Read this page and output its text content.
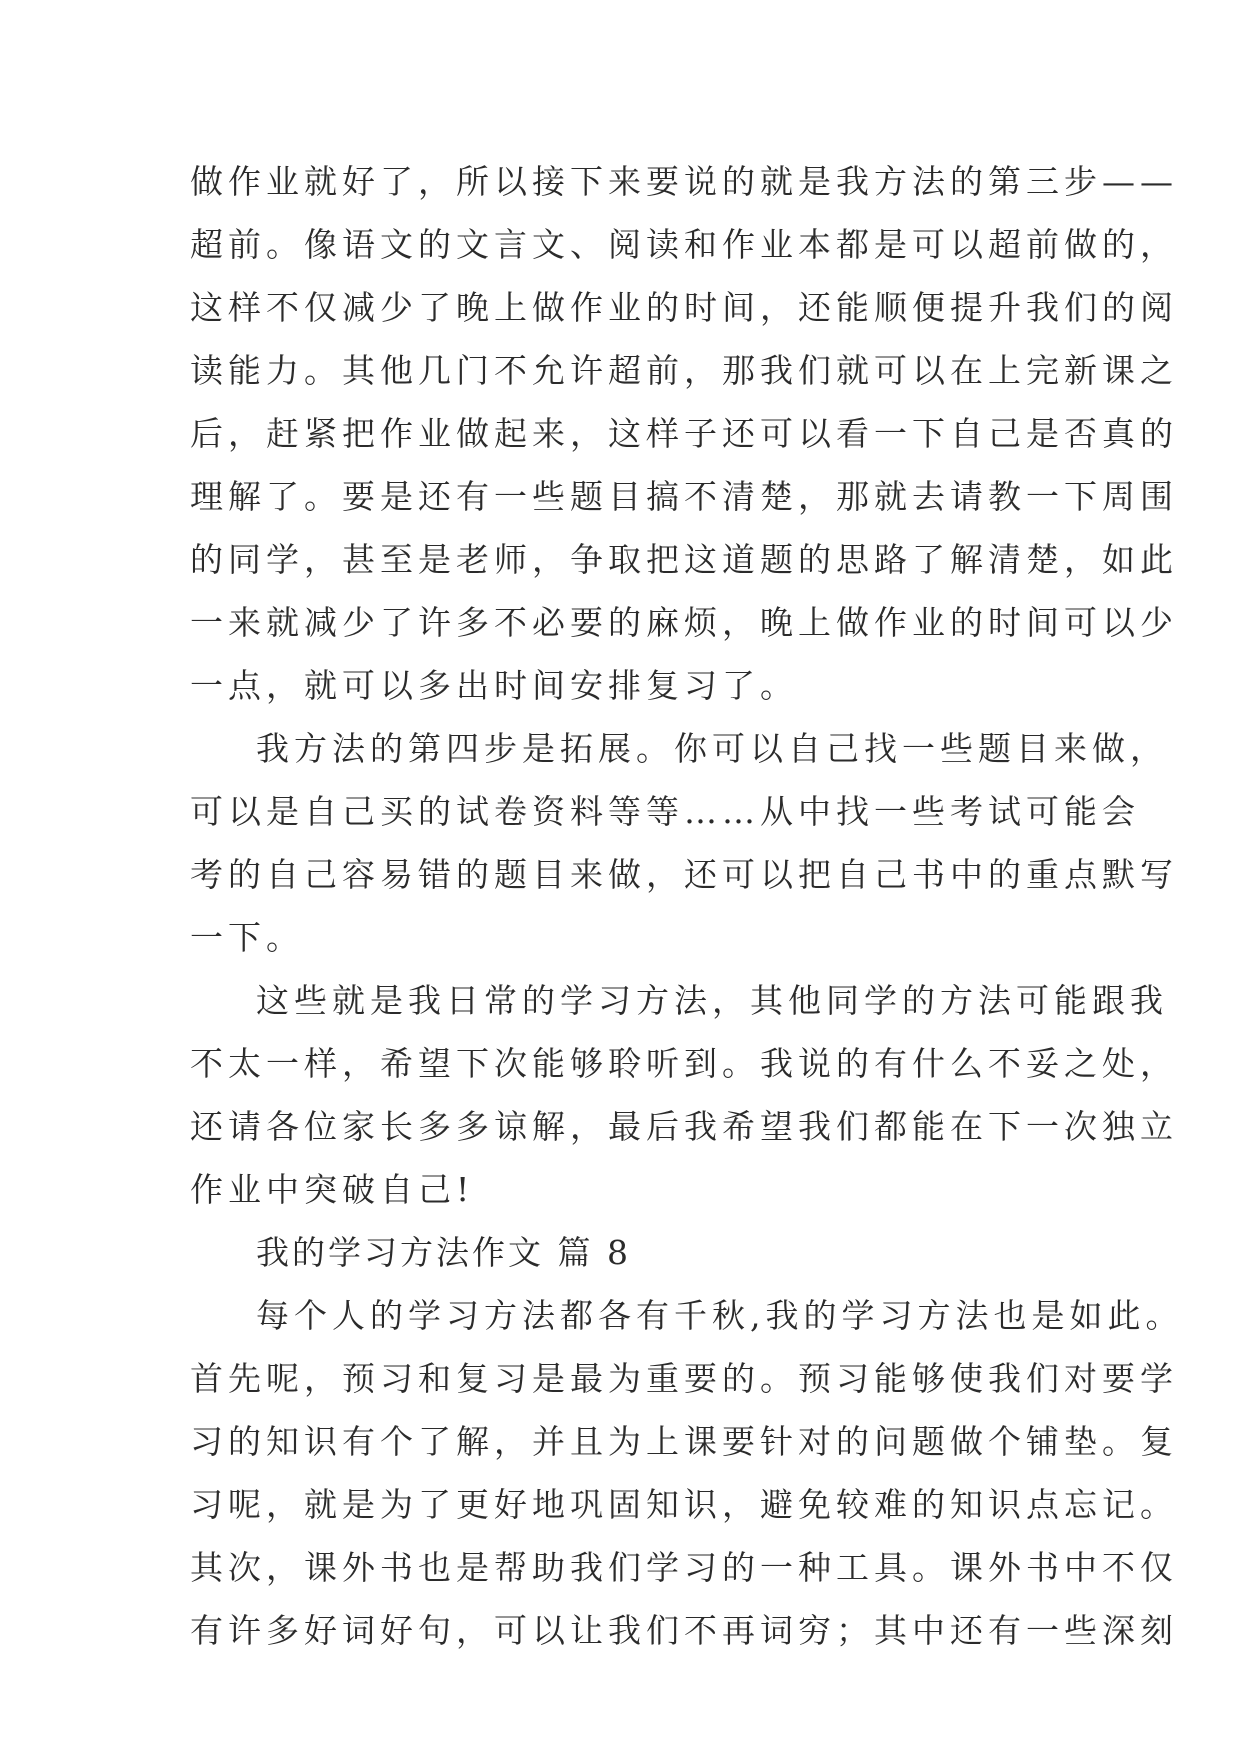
做作业就好了，所以接下来要说的就是我方法的第三步——
超前。像语文的文言文、阅读和作业本都是可以超前做的，
这样不仅减少了晚上做作业的时间，还能顺便提升我们的阅
读能力。其他几门不允许超前，那我们就可以在上完新课之
后，赶紧把作业做起来，这样子还可以看一下自己是否真的
理解了。要是还有一些题目搞不清楚，那就去请教一下周围
的同学，甚至是老师，争取把这道题的思路了解清楚，如此
一来就减少了许多不必要的麻烦，晚上做作业的时间可以少
一点，就可以多出时间安排复习了。
我方法的第四步是拓展。你可以自己找一些题目来做，
可以是自己买的试卷资料等等……从中找一些考试可能会
考的自己容易错的题目来做，还可以把自己书中的重点默写
一下。
这些就是我日常的学习方法，其他同学的方法可能跟我
不太一样，希望下次能够聆听到。我说的有什么不妥之处，
还请各位家长多多谅解，最后我希望我们都能在下一次独立
作业中突破自己!
我的学习方法作文 篇 8
每个人的学习方法都各有千秋,我的学习方法也是如此。
首先呢，预习和复习是最为重要的。预习能够使我们对要学
习的知识有个了解，并且为上课要针对的问题做个铺垫。复
习呢，就是为了更好地巩固知识，避免较难的知识点忘记。
其次，课外书也是帮助我们学习的一种工具。课外书中不仅
有许多好词好句，可以让我们不再词穷；其中还有一些深刻
